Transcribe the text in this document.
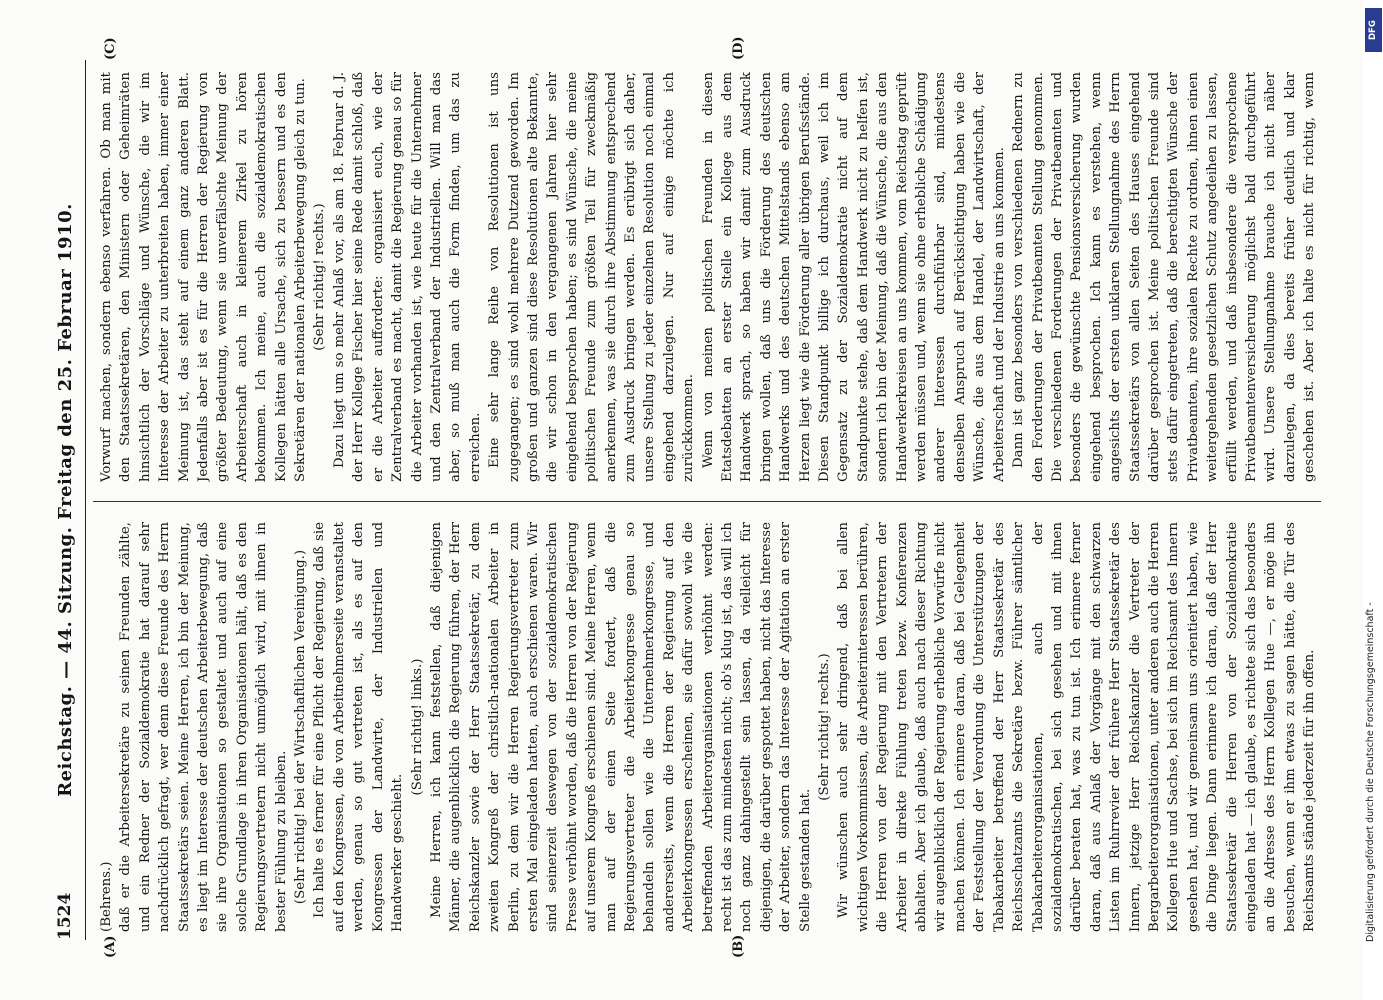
1524
Reichstag. — 44. Sitzung. Freitag den 25. Februar 1910.
(A)	(B)
(C)	(D)

(Behrens.) daß er die Arbeitersekretäre zu seinen Freunden zählte, und ein Redner der Sozialdemokratie hat darauf sehr nachdrücklich gefragt, wer denn diese Freunde des Herrn Staatssekretärs seien. Meine Herren, ich bin der Meinung, es liegt im Interesse der deutschen Arbeiterbewegung, daß sie ihre Organisationen so gestaltet und auch auf eine solche Grundlage in ihren Organisationen hält, daß es den Regierungsvertretern nicht unmöglich wird, mit ihnen in bester Fühlung zu bleiben. (Sehr richtig! bei der Wirtschaftlichen Vereinigung.) Ich halte es ferner für eine Pflicht der Regierung, daß sie auf den Kongressen, die von Arbeitnehmerseite veranstaltet werden, genau so gut vertreten ist, als es auf den Kongressen der Landwirte, der Industriellen und Handwerker geschieht.

(Sehr richtig! links.) Meine Herren, ich kann feststellen, daß diejenigen Männer, die augenblicklich die Regierung führen, der Herr Reichskanzler sowie der Herr Staatssekretär, zu dem zweiten Kongreß der christlich-nationalen Arbeiter in Berlin, zu dem wir die Herren Regierungsvertreter zum ersten Mal eingeladen hatten, auch erschienen waren. Wir sind seinerzeit deswegen von der sozialdemokratischen Presse verhöhnt worden, daß die Herren von der Regierung auf unserem Kongreß erschienen sind. Meine Herren, wenn man auf der einen Seite fordert, daß die Regierungsvertreter die Arbeiterkongresse genau so behandeln sollen wie die Unternehmerkongresse, und andererseits, wenn die Herren der Regierung auf den Arbeiterkongressen erscheinen, sie dafür sowohl wie die betreffenden Arbeiterorganisationen verhöhnt werden: recht ist das zum mindesten nicht; ob's klug ist, das will ich noch ganz dahingestellt sein lassen, da vielleicht für diejenigen, die darüber gespottet haben, nicht das Interesse der Arbeiter, sondern das Interesse der Agitation an erster Stelle gestanden hat.

(Sehr richtig! rechts.) Wir wünschen auch sehr dringend, daß bei allen wichtigen Vorkommnissen, die Arbeiterinteressen berühren, die Herren von der Regierung mit den Vertretern der Arbeiter in direkte Fühlung treten bezw. Konferenzen abhalten. Aber ich glaube, daß auch nach dieser Richtung wir augenblicklich der Regierung erhebliche Vorwürfe nicht machen können. Ich erinnere daran, daß bei Gelegenheit der Feststellung der Verordnung die Unterstützungen der Tabakarbeiter betreffend der Herr Staatssekretär des Reichsschatzamts die Sekretäre bezw. Führer sämtlicher Tabakarbeiterorganisationen, auch der sozialdemokratischen, bei sich gesehen und mit ihnen darüber beraten hat, was zu tun ist. Ich erinnere ferner daran, daß aus Anlaß der Vorgänge mit den schwarzen Listen im Ruhrrevier der frühere Herr Staatssekretär des Innern, jetzige Herr Reichskanzler die Vertreter der Bergarbeiterorganisationen, unter anderen auch die Herren Kollegen Hue und Sachse, bei sich im Reichsamt des Innern gesehen hat, und wir gemeinsam uns orientiert haben, wie die Dinge liegen. Dann erinnere ich daran, daß der Herr Staatssekretär die Herren von der Sozialdemokratie eingeladen hat — ich glaube, es richtete sich das besonders an die Adresse des Herrn Kollegen Hue —, er möge ihn besuchen, wenn er ihm etwas zu sagen hätte, die Tür des Reichsamts stände jederzeit für ihn offen.

Vorwurf machen, sondern ebenso verfahren. Ob man mit den Staatssekretären, den Ministern oder Geheimräten hinsichtlich der Vorschläge und Wünsche, die wir im Interesse der Arbeiter zu unterbreiten haben, immer einer Meinung ist, das steht auf einem ganz anderen Blatt. Jedenfalls aber ist es für die Herren der Regierung von größter Bedeutung, wenn sie unverfälschte Meinung der Arbeiterschaft auch in kleinerem Zirkel zu hören bekommen. Ich meine, auch die sozialdemokratischen Kollegen hätten alle Ursache, sich zu bessern und es den Sekretären der nationalen Arbeiterbewegung gleich zu tun. (Sehr richtig! rechts.) Dazu liegt um so mehr Anlaß vor, als am 18. Februar d. J. der Herr Kollege Fischer hier seine Rede damit schloß, daß er die Arbeiter aufforderte: organisiert euch, wie der Zentralverband es macht, damit die Regierung genau so für die Arbeiter vorhanden ist, wie heute für die Unternehmer und den Zentralverband der Industriellen. Will man das aber, so muß man auch die Form finden, um das zu erreichen. Eine sehr lange Reihe von Resolutionen ist uns zugegangen; es sind wohl mehrere Dutzend geworden. Im großen und ganzen sind diese Resolutionen alte Bekannte, die wir schon in den vergangenen Jahren hier sehr eingehend besprochen haben; es sind Wünsche, die meine politischen Freunde zum größten Teil für zweckmäßig anerkennen, was sie durch ihre Abstimmung entsprechend zum Ausdruck bringen werden. Es erübrigt sich daher, unsere Stellung zu jeder einzelnen Resolution noch einmal eingehend darzulegen. Nur auf einige möchte ich zurückkommen. Wenn von meinen politischen Freunden in diesen Etatsdebatten an erster Stelle ein Kollege aus dem Handwerk sprach, so haben wir damit zum Ausdruck bringen wollen, daß uns die Förderung des deutschen Handwerks und des deutschen Mittelstands ebenso am Herzen liegt wie die Förderung aller übrigen Berufsstände. Diesen Standpunkt billige ich durchaus, weil ich im Gegensatz zu der Sozialdemokratie nicht auf dem Standpunkte stehe, daß dem Handwerk nicht zu helfen ist, sondern ich bin der Meinung, daß die Wünsche, die aus den Handwerkerkreisen an uns kommen, vom Reichstag geprüft werden müssen und, wenn sie ohne erhebliche Schädigung anderer Interessen durchführbar sind, mindestens denselben Anspruch auf Berücksichtigung haben wie die Wünsche, die aus dem Handel, der Landwirtschaft, der Arbeiterschaft und der Industrie an uns kommen. Dann ist ganz besonders von verschiedenen Rednern zu den Forderungen der Privatbeamten Stellung genommen. Die verschiedenen Forderungen der Privatbeamten und besonders die gewünschte Pensionsversicherung wurden eingehend besprochen. Ich kann es verstehen, wenn angesichts der ersten unklaren Stellungnahme des Herrn Staatssekretärs von allen Seiten des Hauses eingehend darüber gesprochen ist. Meine politischen Freunde sind stets dafür eingetreten, daß die berechtigten Wünsche der Privatbeamten, ihre sozialen Rechte zu ordnen, ihnen einen weitergehenden gesetzlichen Schutz angedeihen zu lassen, erfüllt werden, und daß insbesondere die versprochene Privatbeamtenversicherung möglichst bald durchgeführt wird. Unsere Stellungnahme brauche ich nicht näher darzulegen, da dies bereits früher deutlich und klar geschehen ist. Aber ich halte es nicht für richtig, wenn

DFG
Digitalisierung gefördert durch die Deutsche Forschungsgemeinschaft -
